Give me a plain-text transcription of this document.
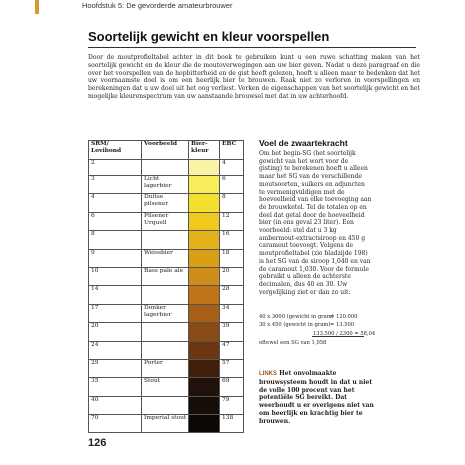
Hoofdstuk 5: De gevorderde amateurbrouwer
Soortelijk gewicht en kleur voorspellen
Door de moutprofieltabel achter in dit boek te gebruiken kunt u een ruwe schatting maken van het soortelijk gewicht en de kleur die de moutoverwegingen aan uw bier geven. Nadat u deze paragraaf en die over het voorspellen van de hopbitterheid en de gist heeft gelezen, hoeft u alleen maar te bedenken dat het uw voornaamste doel is om een heerlijk bier te brouwen. Raak niet zo verloren in voorspellingen en berekeningen dat u uw doel uit het oog verliest. Verken de eigenschappen van het soortelijk gewicht en het mogelijke kleurenspectrum van uw aanstaande brouwsel met dat in uw achterhoofd.
SRM/ Lovibond	Voorbeeld	Bier- kleur	EBC
2			4
3	Licht lagerbier		6
4	Duitse pilsener		8
6	Pilsener Urquell		12
8			16
9	Weissbier		18
10	Bass pale ale		20
14			28
17	Donker lagerbier		34
20			39
24			47
29	Porter		57
35	Stout		69
40			79
70	Imperial stout		138
Voel de zwaartekracht
Om het begin-SG (het soortelijk gewicht van het wort voor de gisting) te berekenen hoeft u alleen maar het SG van de verschillende moutsoorten, suikers en adjuncten te vermenigvuldigen met de hoeveelheid van elke toevoeging aan de brouwketel. Tel de totalen op en deel dat getal door de hoeveelheid bier (in ons geval 23 liter). Een voorbeeld: stel dat u 3 kg ambermout-extractsiroop en 450 g caramout toevoegt. Volgens de moutprofieltabel (zie bladzijde 198) is het SG van de siroop 1,040 en van de caramout 1,030. Voor de formule gebruikt u alleen de achterste decimalen, dus 40 en 30. Uw vergelijking ziet er dan zo uit:
40 x 3000 (gewicht in gram)
= 120.000
30 x 450 (gewicht in gram) = 13.500
133.500 / 2300 = 58,04
oftewel een SG van 1,058
LINKS Het onvolmaakte brouwsysteem houdt in dat u niet de volle 100 procent van het potentiële SG bereikt. Dat weerhoudt u er overigens niet van om heerlijk en krachtig bier te brouwen.
126
